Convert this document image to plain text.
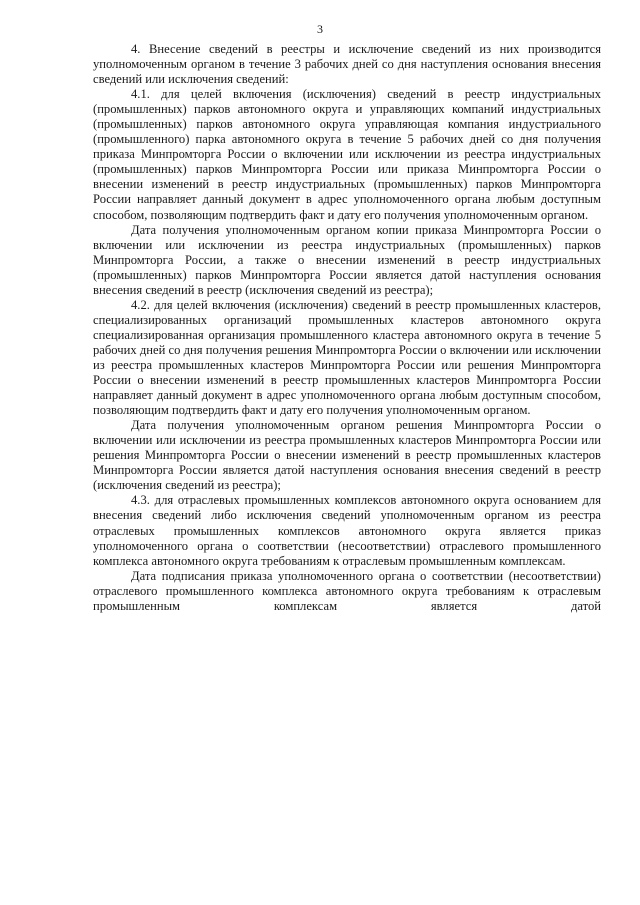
3

4. Внесение сведений в реестры и исключение сведений из них производится уполномоченным органом в течение 3 рабочих дней со дня наступления основания внесения сведений или исключения сведений:

4.1. для целей включения (исключения) сведений в реестр индустриальных (промышленных) парков автономного округа и управляющих компаний индустриальных (промышленных) парков автономного округа управляющая компания индустриального (промышленного) парка автономного округа в течение 5 рабочих дней со дня получения приказа Минпромторга России о включении или исключении из реестра индустриальных (промышленных) парков Минпромторга России или приказа Минпромторга России о внесении изменений в реестр индустриальных (промышленных) парков Минпромторга России направляет данный документ в адрес уполномоченного органа любым доступным способом, позволяющим подтвердить факт и дату его получения уполномоченным органом.

Дата получения уполномоченным органом копии приказа Минпромторга России о включении или исключении из реестра индустриальных (промышленных) парков Минпромторга России, а также о внесении изменений в реестр индустриальных (промышленных) парков Минпромторга России является датой наступления основания внесения сведений в реестр (исключения сведений из реестра);

4.2. для целей включения (исключения) сведений в реестр промышленных кластеров, специализированных организаций промышленных кластеров автономного округа специализированная организация промышленного кластера автономного округа в течение 5 рабочих дней со дня получения решения Минпромторга России о включении или исключении из реестра промышленных кластеров Минпромторга России или решения Минпромторга России о внесении изменений в реестр промышленных кластеров Минпромторга России направляет данный документ в адрес уполномоченного органа любым доступным способом, позволяющим подтвердить факт и дату его получения уполномоченным органом.

Дата получения уполномоченным органом решения Минпромторга России о включении или исключении из реестра промышленных кластеров Минпромторга России или решения Минпромторга России о внесении изменений в реестр промышленных кластеров Минпромторга России является датой наступления основания внесения сведений в реестр (исключения сведений из реестра);

4.3. для отраслевых промышленных комплексов автономного округа основанием для внесения сведений либо исключения сведений уполномоченным органом из реестра отраслевых промышленных комплексов автономного округа является приказ уполномоченного органа о соответствии (несоответствии) отраслевого промышленного комплекса автономного округа требованиям к отраслевым промышленным комплексам.

Дата подписания приказа уполномоченного органа о соответствии (несоответствии) отраслевого промышленного комплекса автономного округа требованиям к отраслевым промышленным комплексам является датой
